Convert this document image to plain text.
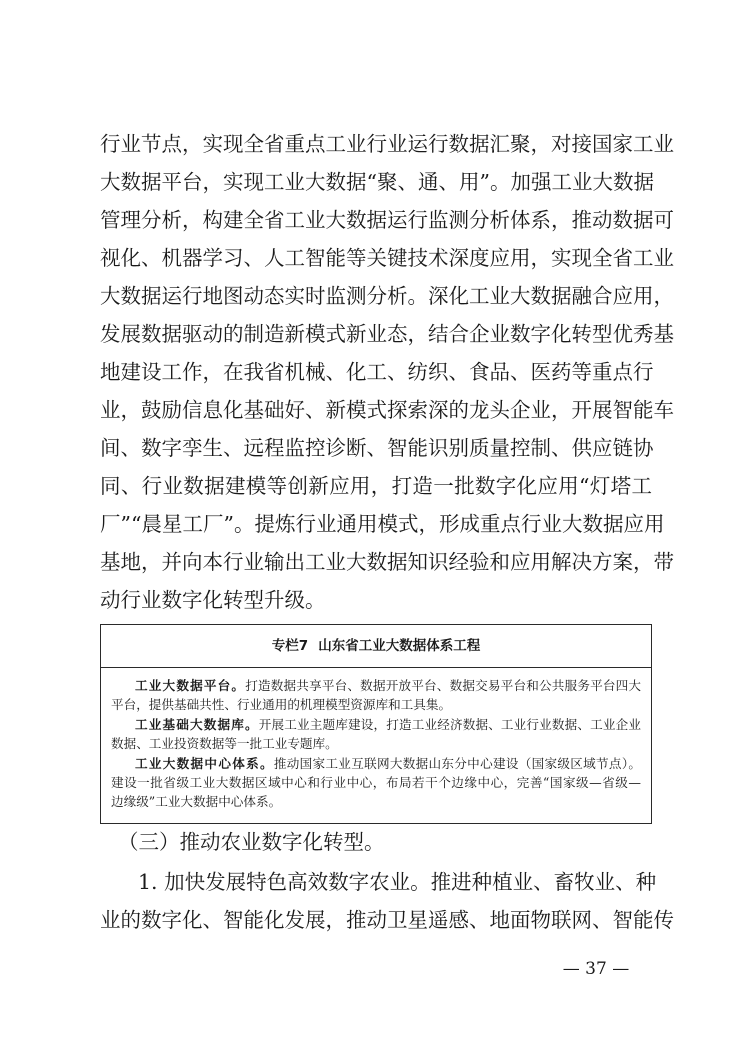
行业节点，实现全省重点工业行业运行数据汇聚，对接国家工业
大数据平台，实现工业大数据“聚、通、用”。加强工业大数据
管理分析，构建全省工业大数据运行监测分析体系，推动数据可
视化、机器学习、人工智能等关键技术深度应用，实现全省工业
大数据运行地图动态实时监测分析。深化工业大数据融合应用，
发展数据驱动的制造新模式新业态，结合企业数字化转型优秀基
地建设工作，在我省机械、化工、纺织、食品、医药等重点行
业，鼓励信息化基础好、新模式探索深的龙头企业，开展智能车
间、数字孪生、远程监控诊断、智能识别质量控制、供应链协
同、行业数据建模等创新应用，打造一批数字化应用“灯塔工
厂”“晨星工厂”。提炼行业通用模式，形成重点行业大数据应用
基地，并向本行业输出工业大数据知识经验和应用解决方案，带
动行业数字化转型升级。
专栏7 山东省工业大数据体系工程
工业大数据平台。打造数据共享平台、数据开放平台、数据交易平台和公共服务平台四大
平台，提供基础共性、行业通用的机理模型资源库和工具集。
工业基础大数据库。开展工业主题库建设，打造工业经济数据、工业行业数据、工业企业
数据、工业投资数据等一批工业专题库。
工业大数据中心体系。推动国家工业互联网大数据山东分中心建设（国家级区域节点）。
建设一批省级工业大数据区域中心和行业中心，布局若干个边缘中心，完善“国家级—省级—
边缘级”工业大数据中心体系。
（三）推动农业数字化转型。
1. 加快发展特色高效数字农业。推进种植业、畜牧业、种
业的数字化、智能化发展，推动卫星遥感、地面物联网、智能传
— 37 —
